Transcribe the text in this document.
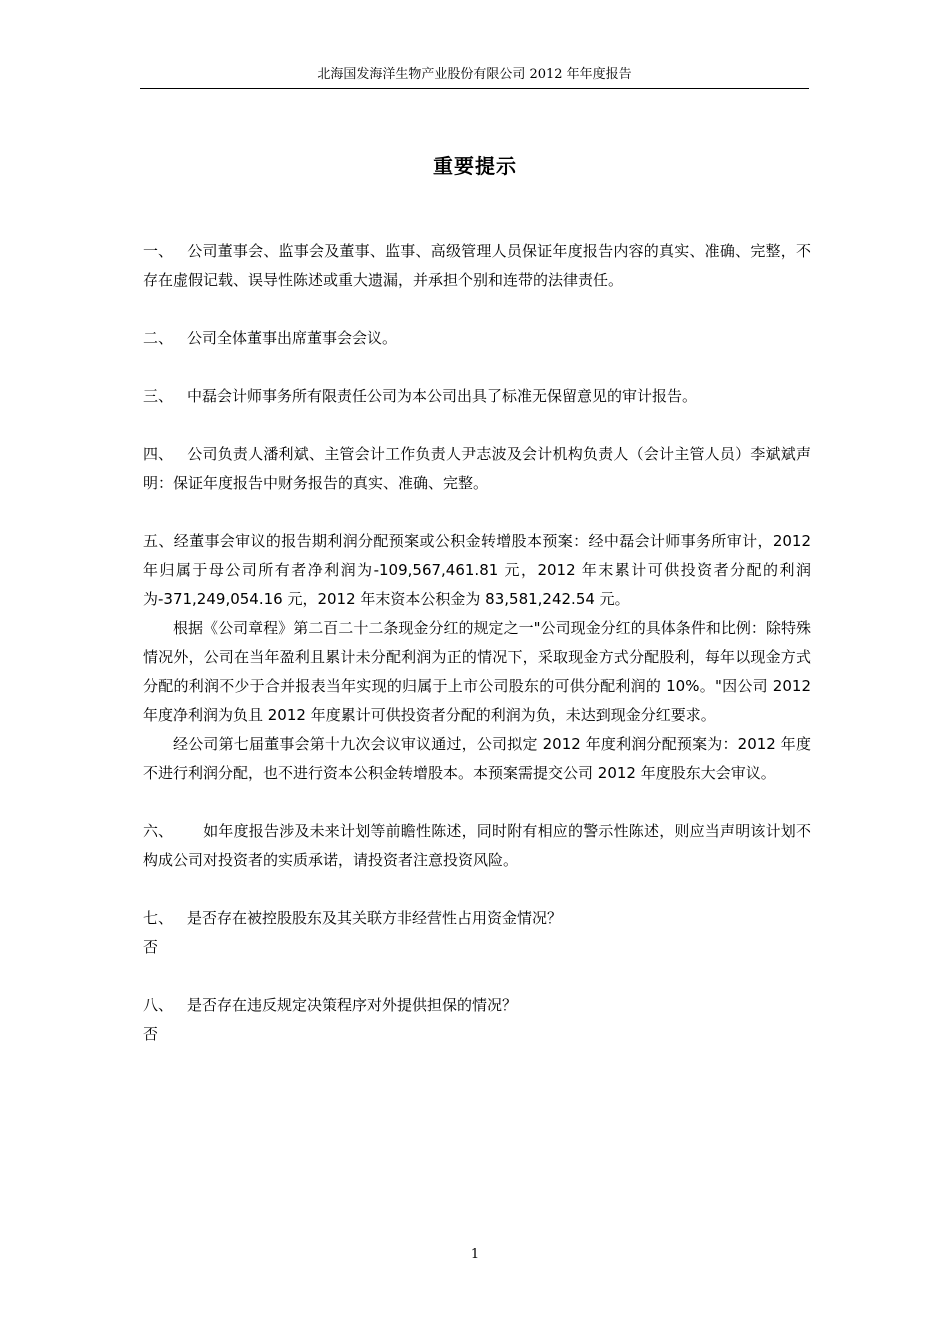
北海国发海洋生物产业股份有限公司 2012 年年度报告
重要提示

一、 公司董事会、监事会及董事、监事、高级管理人员保证年度报告内容的真实、准确、完整，不存在虚假记载、误导性陈述或重大遗漏，并承担个别和连带的法律责任。

二、 公司全体董事出席董事会会议。

三、 中磊会计师事务所有限责任公司为本公司出具了标准无保留意见的审计报告。

四、 公司负责人潘利斌、主管会计工作负责人尹志波及会计机构负责人（会计主管人员）李斌斌声明：保证年度报告中财务报告的真实、准确、完整。

五、经董事会审议的报告期利润分配预案或公积金转增股本预案：经中磊会计师事务所审计，2012 年归属于母公司所有者净利润为-109,567,461.81 元，2012 年末累计可供投资者分配的利润为-371,249,054.16 元，2012 年末资本公积金为 83,581,242.54 元。

根据《公司章程》第二百二十二条现金分红的规定之一"公司现金分红的具体条件和比例：除特殊情况外，公司在当年盈利且累计未分配利润为正的情况下，采取现金方式分配股利，每年以现金方式分配的利润不少于合并报表当年实现的归属于上市公司股东的可供分配利润的 10%。"因公司 2012 年度净利润为负且 2012 年度累计可供投资者分配的利润为负，未达到现金分红要求。

经公司第七届董事会第十九次会议审议通过，公司拟定 2012 年度利润分配预案为：2012 年度不进行利润分配，也不进行资本公积金转增股本。本预案需提交公司 2012 年度股东大会审议。

六、 如年度报告涉及未来计划等前瞻性陈述，同时附有相应的警示性陈述，则应当声明该计划不构成公司对投资者的实质承诺，请投资者注意投资风险。

七、 是否存在被控股股东及其关联方非经营性占用资金情况？

否

八、 是否存在违反规定决策程序对外提供担保的情况？

否

1
